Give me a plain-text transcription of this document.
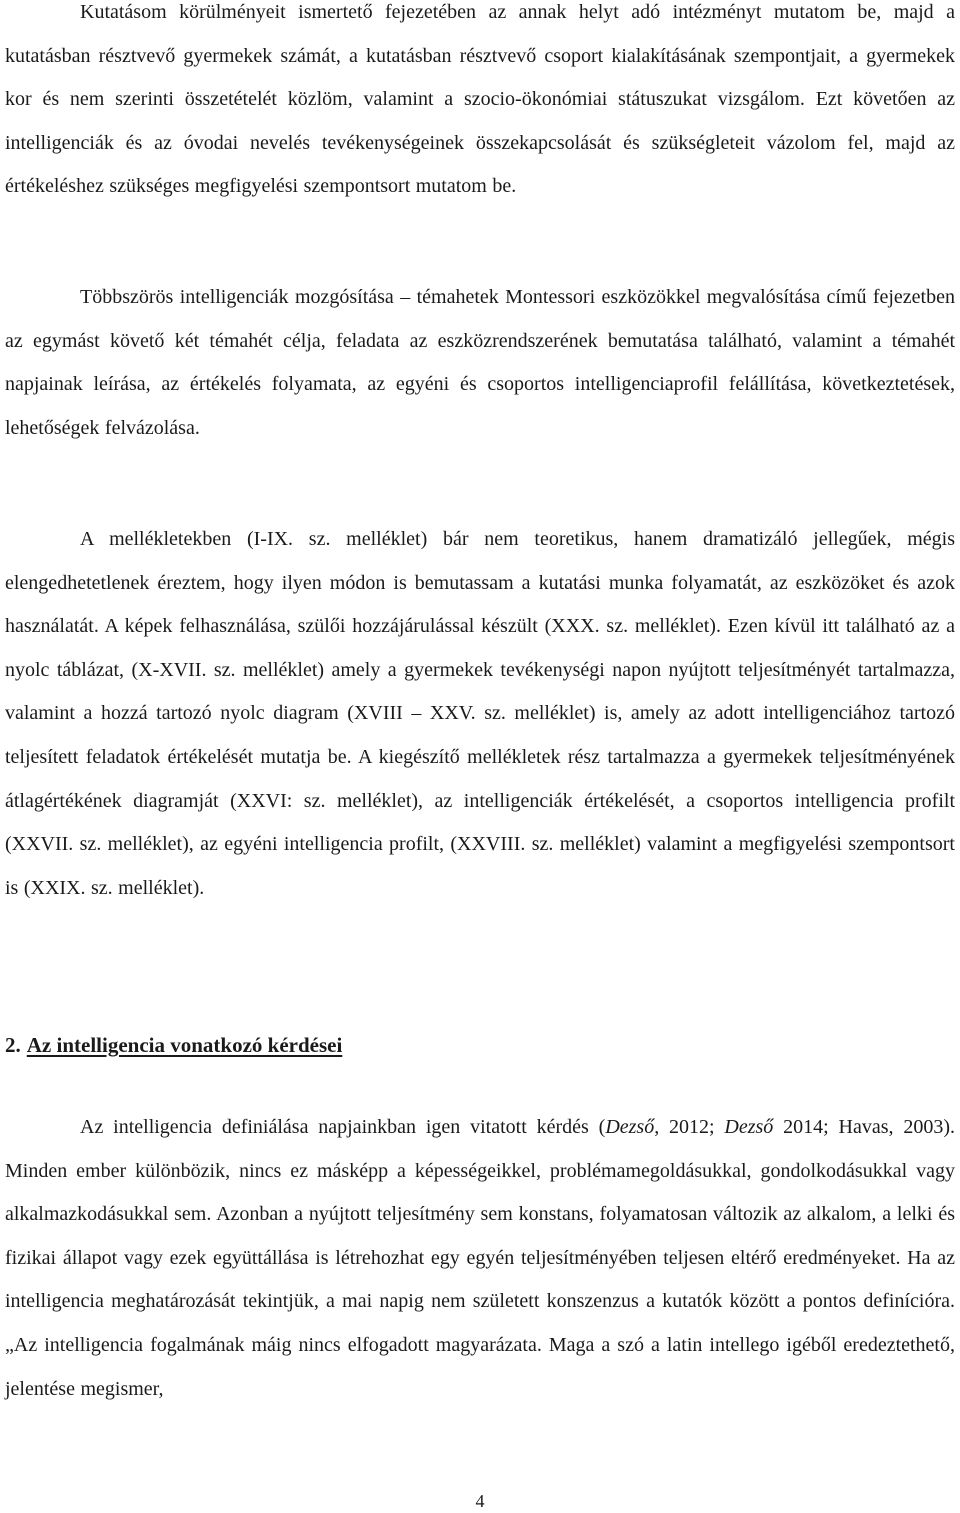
Kutatásom körülményeit ismertető fejezetében az annak helyt adó intézményt mutatom be, majd a kutatásban résztvevő gyermekek számát, a kutatásban résztvevő csoport kialakításának szempontjait, a gyermekek kor és nem szerinti összetételét közlöm, valamint a szocio-ökonómiai státuszukat vizsgálom. Ezt követően az intelligenciák és az óvodai nevelés tevékenységeinek összekapcsolását és szükségleteit vázolom fel, majd az értékeléshez szükséges megfigyelési szempontsort mutatom be.

Többszörös intelligenciák mozgósítása – témahetek Montessori eszközökkel megvalósítása című fejezetben az egymást követő két témahét célja, feladata az eszközrendszerének bemutatása található, valamint a témahét napjainak leírása, az értékelés folyamata, az egyéni és csoportos intelligenciaprofil felállítása, következtetések, lehetőségek felvázolása.

A mellékletekben (I-IX. sz. melléklet) bár nem teoretikus, hanem dramatizáló jellegűek, mégis elengedhetetlenek éreztem, hogy ilyen módon is bemutassam a kutatási munka folyamatát, az eszközöket és azok használatát. A képek felhasználása, szülői hozzájárulással készült (XXX. sz. melléklet). Ezen kívül itt található az a nyolc táblázat, (X-XVII. sz. melléklet) amely a gyermekek tevékenységi napon nyújtott teljesítményét tartalmazza, valamint a hozzá tartozó nyolc diagram (XVIII – XXV. sz. melléklet) is, amely az adott intelligenciához tartozó teljesített feladatok értékelését mutatja be. A kiegészítő mellékletek rész tartalmazza a gyermekek teljesítményének átlagértékének diagramját (XXVI: sz. melléklet), az intelligenciák értékelését, a csoportos intelligencia profilt (XXVII. sz. melléklet), az egyéni intelligencia profilt, (XXVIII. sz. melléklet) valamint a megfigyelési szempontsort is (XXIX. sz. melléklet).

2. Az intelligencia vonatkozó kérdései

Az intelligencia definiálása napjainkban igen vitatott kérdés (Dezső, 2012; Dezső 2014; Havas, 2003). Minden ember különbözik, nincs ez másképp a képességeikkel, problémamegoldásukkal, gondolkodásukkal vagy alkalmazkodásukkal sem. Azonban a nyújtott teljesítmény sem konstans, folyamatosan változik az alkalom, a lelki és fizikai állapot vagy ezek együttállása is létrehozhat egy egyén teljesítményében teljesen eltérő eredményeket. Ha az intelligencia meghatározását tekintjük, a mai napig nem született konszenzus a kutatók között a pontos definícióra. „Az intelligencia fogalmának máig nincs elfogadott magyarázata. Maga a szó a latin intellego igéből eredeztethető, jelentése megismer,

4
